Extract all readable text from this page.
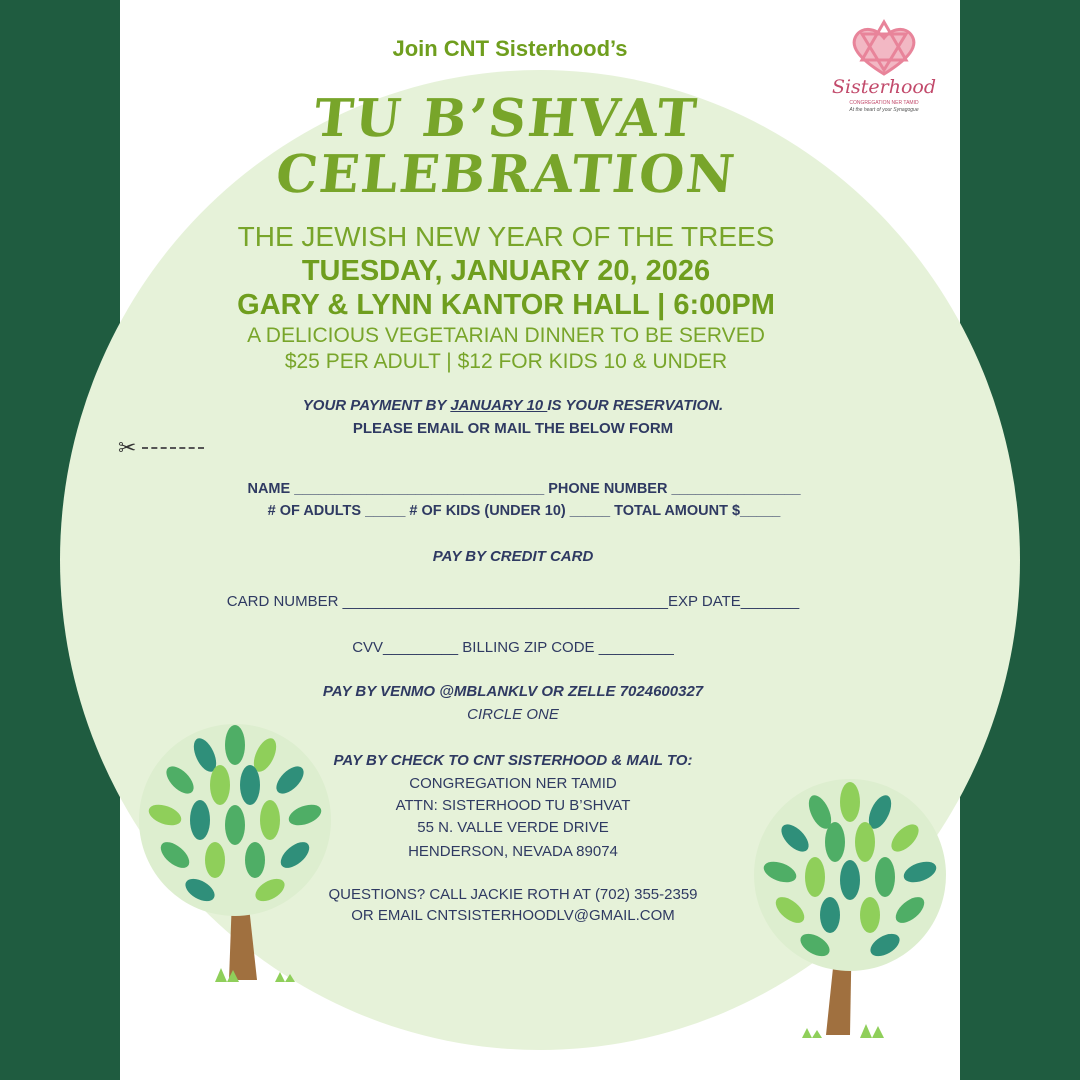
Sisterhood
CONGREGATION NER TAMID
At the heart of your Synagogue
Join CNT Sisterhood’s
TU B’SHVAT
CELEBRATION
THE JEWISH NEW YEAR OF THE TREES
TUESDAY, JANUARY 20, 2026
GARY & LYNN KANTOR HALL | 6:00PM
A DELICIOUS VEGETARIAN DINNER TO BE SERVED
$25 PER ADULT | $12 FOR KIDS 10 & UNDER
YOUR PAYMENT BY JANUARY 10 IS YOUR RESERVATION.
PLEASE EMAIL OR MAIL THE BELOW FORM
✂
NAME _______________________________ PHONE NUMBER ________________
# OF ADULTS _____ # OF KIDS (UNDER 10) _____ TOTAL AMOUNT $_____
PAY BY CREDIT CARD
CARD NUMBER _______________________________________EXP DATE_______
CVV_________ BILLING ZIP CODE _________
PAY BY VENMO @MBLANKLV OR ZELLE 7024600327
CIRCLE ONE
PAY BY CHECK TO CNT SISTERHOOD & MAIL TO:
CONGREGATION NER TAMID
ATTN: SISTERHOOD TU B’SHVAT
55 N. VALLE VERDE DRIVE
HENDERSON, NEVADA 89074
QUESTIONS? CALL JACKIE ROTH AT (702) 355-2359
OR EMAIL CNTSISTERHOODLV@GMAIL.COM
